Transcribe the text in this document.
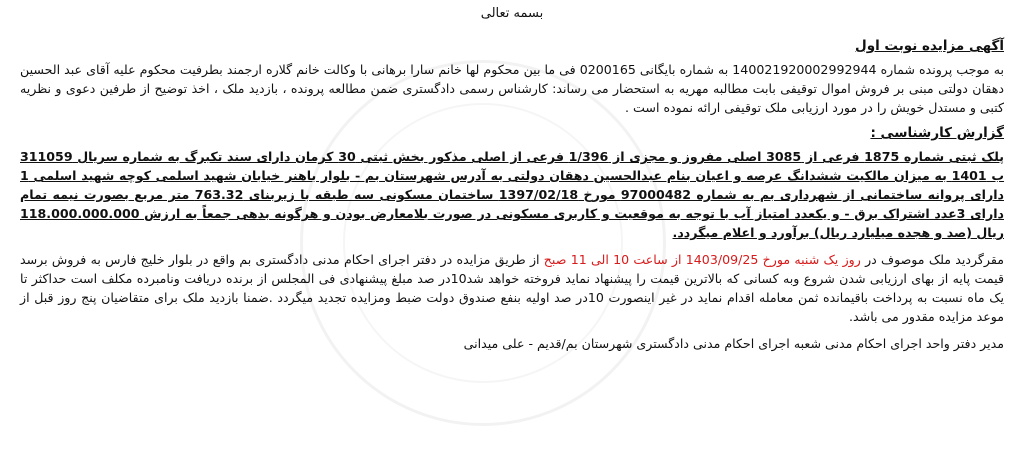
بسمه تعالی
آگهی مزایده نوبت اول

به موجب پرونده شماره 140021920002992944 به شماره بایگانی 0200165 فی ما بین محکوم لها خانم سارا برهانی با وکالت خانم گلاره ارجمند بطرفیت محکوم علیه آقای عبد الحسین دهقان دولتی مبنی بر فروش اموال توقیفی بابت مطالبه مهریه به استحضار می رساند: کارشناس رسمی دادگستری ضمن مطالعه پرونده ، بازدید ملک ، اخذ توضیح از طرفین دعوی و نظریه کتبی و مستدل خویش را در مورد ارزیابی ملک توقیفی ارائه نموده است .

گزارش کارشناسی :

پلک ثبتی شماره 1875 فرعی از 3085 اصلی مفروز و مجزی از 1/396 فرعی از اصلی مذکور بخش ثبتی 30 کرمان دارای سند تکبرگ به شماره سریال 311059 ب 1401 به میزان مالکیت ششدانگ عرصه و اعیان بنام عبدالحسین دهقان دولتی به آدرس شهرستان بم - بلوار باهنر خیابان شهید اسلمی کوچه شهید اسلمی 1 دارای پروانه ساختمانی از شهرداری بم به شماره 97000482 مورخ 1397/02/18 ساختمان مسکونی سه طبقه با زیربنای 763.32 متر مربع بصورت نیمه تمام دارای 3عدد اشتراک برق - و یکعدد امتیاز آب با توجه به موقعیت و کاربری مسکونی در صورت بلامعارض بودن و هرگونه بدهی جمعاً به ارزش 118.000.000.000 ریال (صد و هجده میلیارد ریال) برآورد و اعلام میگردد.

مقرگردید ملک موصوف در روز یک شنبه مورخ 1403/09/25 از ساعت 10 الی 11 صبح از طریق مزایده در دفتر اجرای احکام مدنی دادگستری بم واقع در بلوار خلیج فارس به فروش برسد قیمت پایه از بهای ارزیابی شدن شروع وبه کسانی که بالاترین قیمت را پیشنهاد نماید فروخته خواهد شد10در صد مبلغ پیشنهادی فی المجلس از برنده دریافت ونامبرده مکلف است حداکثر تا یک ماه نسبت به پرداخت باقیمانده ثمن معامله اقدام نماید در غیر اینصورت 10در صد اولیه بنفع صندوق دولت ضبط ومزایده تجدید میگردد .ضمنا بازدید ملک برای متقاضیان پنج روز قبل از موعد مزایده مقدور می باشد.

مدیر دفتر واحد اجرای احکام مدنی شعبه اجرای احکام مدنی دادگستری شهرستان بم/قدیم - علی میدانی
